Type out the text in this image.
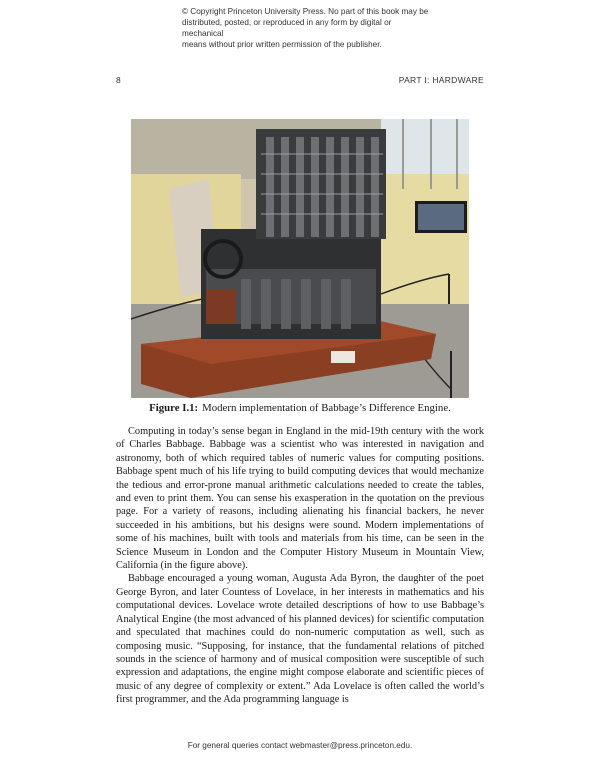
© Copyright Princeton University Press. No part of this book may be
distributed, posted, or reproduced in any form by digital or mechanical
means without prior written permission of the publisher.
8	PART I: HARDWARE
Figure I.1: Modern implementation of Babbage’s Difference Engine.

Computing in today’s sense began in England in the mid-19th century with the work of Charles Babbage. Babbage was a scientist who was interested in navigation and astronomy, both of which required tables of numeric values for computing positions. Babbage spent much of his life trying to build computing devices that would mechanize the tedious and error-prone manual arithmetic calculations needed to create the tables, and even to print them. You can sense his exasperation in the quotation on the previous page. For a variety of reasons, including alienating his financial backers, he never succeeded in his ambitions, but his designs were sound. Modern implementations of some of his machines, built with tools and materials from his time, can be seen in the Science Museum in London and the Computer History Museum in Mountain View, California (in the figure above).

Babbage encouraged a young woman, Augusta Ada Byron, the daughter of the poet George Byron, and later Countess of Lovelace, in her interests in mathematics and his computational devices. Lovelace wrote detailed descriptions of how to use Babbage’s Analytical Engine (the most advanced of his planned devices) for scientific computation and speculated that machines could do non-numeric computation as well, such as composing music. “Supposing, for instance, that the fundamental relations of pitched sounds in the science of harmony and of musical composition were susceptible of such expression and adaptations, the engine might compose elaborate and scientific pieces of music of any degree of complexity or extent.” Ada Lovelace is often called the world’s first programmer, and the Ada programming language is

For general queries contact webmaster@press.princeton.edu.
